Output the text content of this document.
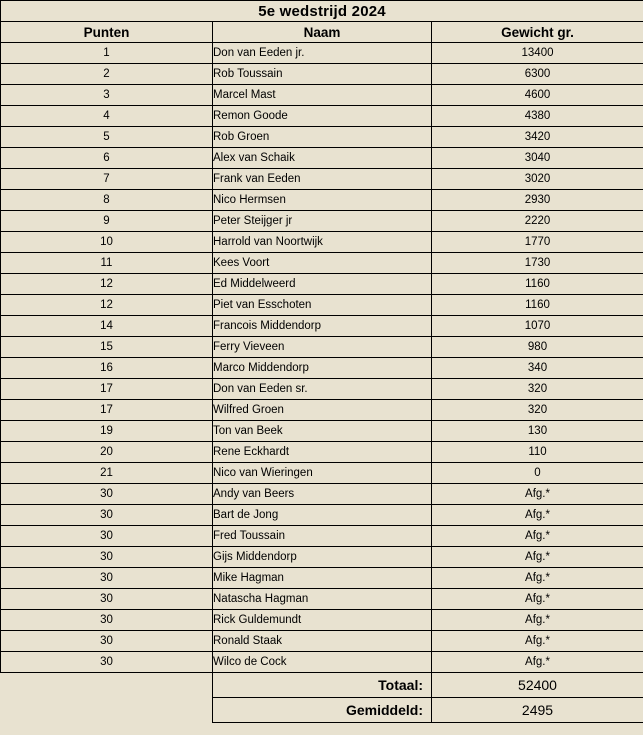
5e wedstrijd 2024		
Punten	Naam	Gewicht gr.
1	Don van Eeden jr.	13400
2	Rob Toussain	6300
3	Marcel Mast	4600
4	Remon Goode	4380
5	Rob Groen	3420
6	Alex van Schaik	3040
7	Frank van Eeden	3020
8	Nico Hermsen	2930
9	Peter Steijger jr	2220
10	Harrold van Noortwijk	1770
11	Kees Voort	1730
12	Ed Middelweerd	1160
12	Piet van Esschoten	1160
14	Francois Middendorp	1070
15	Ferry Vieveen	980
16	Marco Middendorp	340
17	Don van Eeden sr.	320
17	Wilfred Groen	320
19	Ton van Beek	130
20	Rene Eckhardt	110
21	Nico van Wieringen	0
30	Andy van Beers	Afg.*
30	Bart de Jong	Afg.*
30	Fred Toussain	Afg.*
30	Gijs Middendorp	Afg.*
30	Mike Hagman	Afg.*
30	Natascha Hagman	Afg.*
30	Rick Guldemundt	Afg.*
30	Ronald Staak	Afg.*
30	Wilco de Cock	Afg.*
	Totaal:	52400
	Gemiddeld:	2495
